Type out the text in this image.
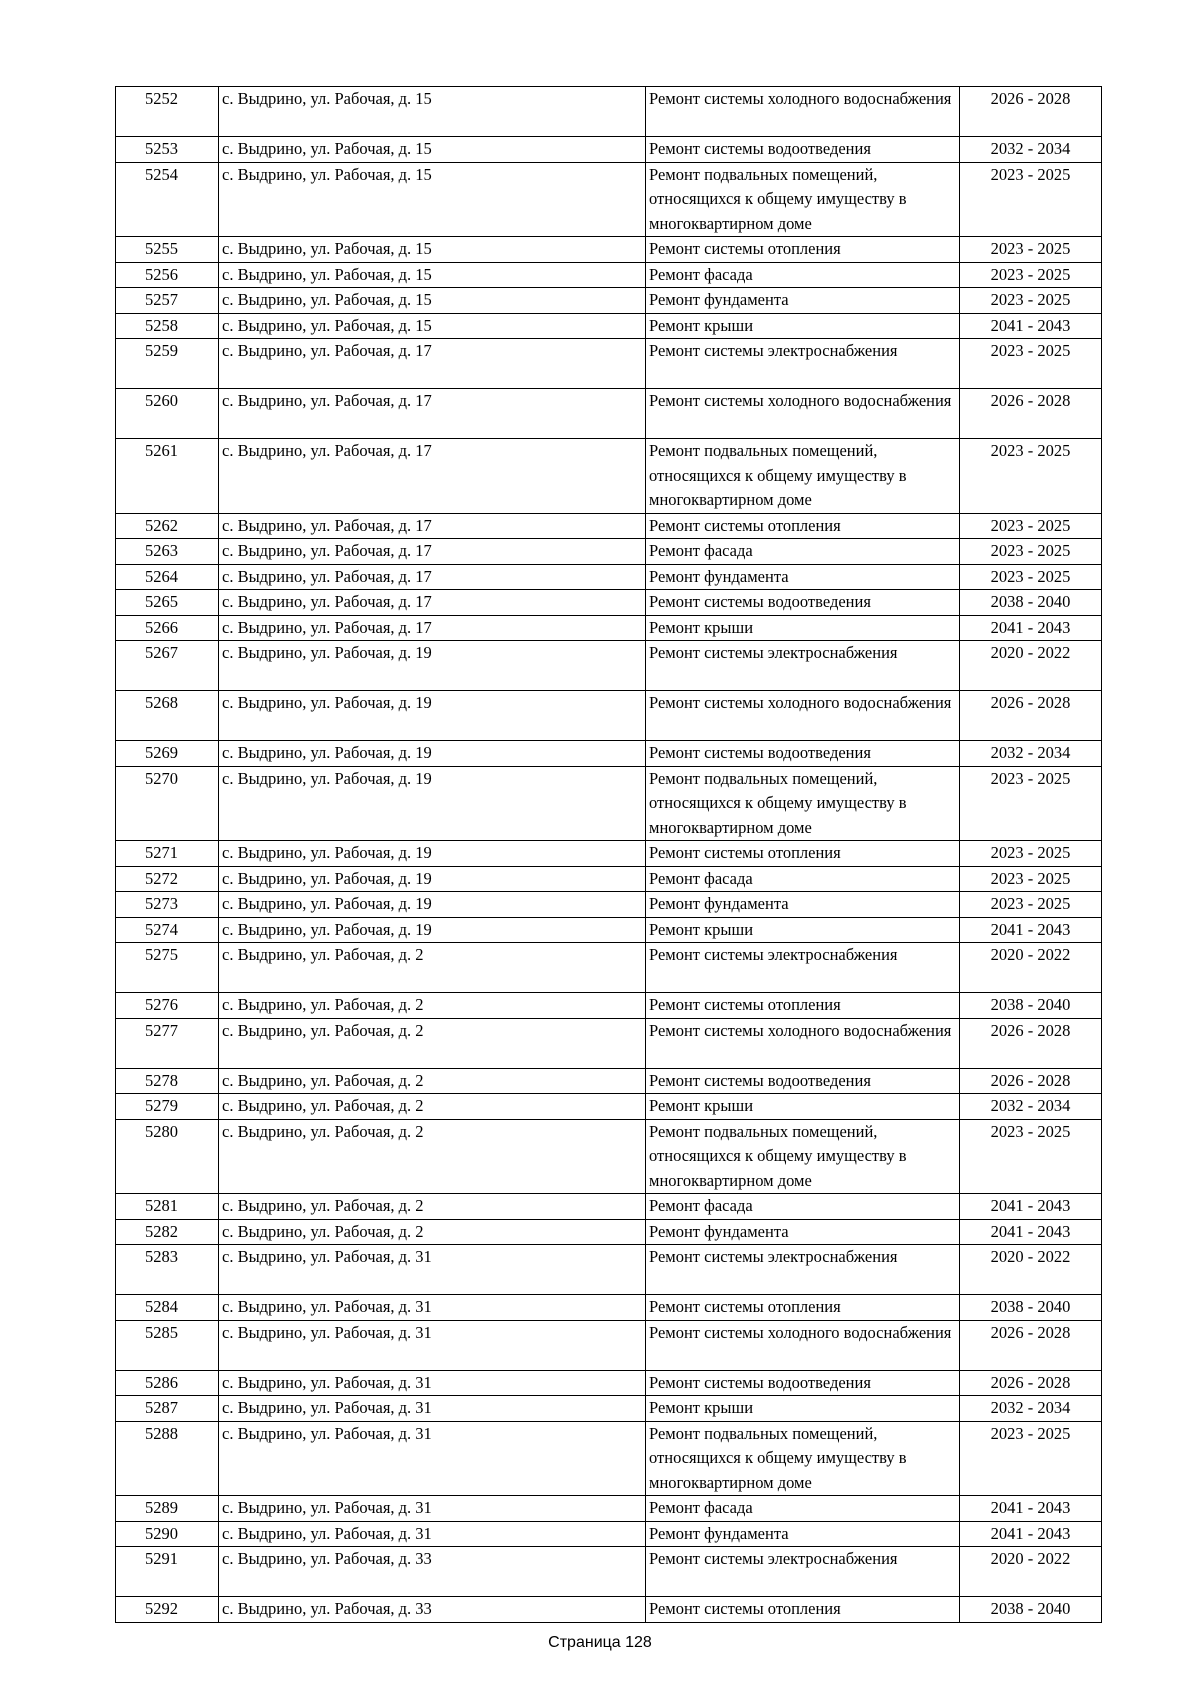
5252	с. Выдрино, ул. Рабочая, д. 15	Ремонт системы холодного водоснабжения	2026 - 2028
5253	с. Выдрино, ул. Рабочая, д. 15	Ремонт системы водоотведения	2032 - 2034
5254	с. Выдрино, ул. Рабочая, д. 15	Ремонт подвальных помещений, относящихся к общему имуществу в многоквартирном доме	2023 - 2025
5255	с. Выдрино, ул. Рабочая, д. 15	Ремонт системы отопления	2023 - 2025
5256	с. Выдрино, ул. Рабочая, д. 15	Ремонт фасада	2023 - 2025
5257	с. Выдрино, ул. Рабочая, д. 15	Ремонт фундамента	2023 - 2025
5258	с. Выдрино, ул. Рабочая, д. 15	Ремонт крыши	2041 - 2043
5259	с. Выдрино, ул. Рабочая, д. 17	Ремонт системы электроснабжения	2023 - 2025
5260	с. Выдрино, ул. Рабочая, д. 17	Ремонт системы холодного водоснабжения	2026 - 2028
5261	с. Выдрино, ул. Рабочая, д. 17	Ремонт подвальных помещений, относящихся к общему имуществу в многоквартирном доме	2023 - 2025
5262	с. Выдрино, ул. Рабочая, д. 17	Ремонт системы отопления	2023 - 2025
5263	с. Выдрино, ул. Рабочая, д. 17	Ремонт фасада	2023 - 2025
5264	с. Выдрино, ул. Рабочая, д. 17	Ремонт фундамента	2023 - 2025
5265	с. Выдрино, ул. Рабочая, д. 17	Ремонт системы водоотведения	2038 - 2040
5266	с. Выдрино, ул. Рабочая, д. 17	Ремонт крыши	2041 - 2043
5267	с. Выдрино, ул. Рабочая, д. 19	Ремонт системы электроснабжения	2020 - 2022
5268	с. Выдрино, ул. Рабочая, д. 19	Ремонт системы холодного водоснабжения	2026 - 2028
5269	с. Выдрино, ул. Рабочая, д. 19	Ремонт системы водоотведения	2032 - 2034
5270	с. Выдрино, ул. Рабочая, д. 19	Ремонт подвальных помещений, относящихся к общему имуществу в многоквартирном доме	2023 - 2025
5271	с. Выдрино, ул. Рабочая, д. 19	Ремонт системы отопления	2023 - 2025
5272	с. Выдрино, ул. Рабочая, д. 19	Ремонт фасада	2023 - 2025
5273	с. Выдрино, ул. Рабочая, д. 19	Ремонт фундамента	2023 - 2025
5274	с. Выдрино, ул. Рабочая, д. 19	Ремонт крыши	2041 - 2043
5275	с. Выдрино, ул. Рабочая, д. 2	Ремонт системы электроснабжения	2020 - 2022
5276	с. Выдрино, ул. Рабочая, д. 2	Ремонт системы отопления	2038 - 2040
5277	с. Выдрино, ул. Рабочая, д. 2	Ремонт системы холодного водоснабжения	2026 - 2028
5278	с. Выдрино, ул. Рабочая, д. 2	Ремонт системы водоотведения	2026 - 2028
5279	с. Выдрино, ул. Рабочая, д. 2	Ремонт крыши	2032 - 2034
5280	с. Выдрино, ул. Рабочая, д. 2	Ремонт подвальных помещений, относящихся к общему имуществу в многоквартирном доме	2023 - 2025
5281	с. Выдрино, ул. Рабочая, д. 2	Ремонт фасада	2041 - 2043
5282	с. Выдрино, ул. Рабочая, д. 2	Ремонт фундамента	2041 - 2043
5283	с. Выдрино, ул. Рабочая, д. 31	Ремонт системы электроснабжения	2020 - 2022
5284	с. Выдрино, ул. Рабочая, д. 31	Ремонт системы отопления	2038 - 2040
5285	с. Выдрино, ул. Рабочая, д. 31	Ремонт системы холодного водоснабжения	2026 - 2028
5286	с. Выдрино, ул. Рабочая, д. 31	Ремонт системы водоотведения	2026 - 2028
5287	с. Выдрино, ул. Рабочая, д. 31	Ремонт крыши	2032 - 2034
5288	с. Выдрино, ул. Рабочая, д. 31	Ремонт подвальных помещений, относящихся к общему имуществу в многоквартирном доме	2023 - 2025
5289	с. Выдрино, ул. Рабочая, д. 31	Ремонт фасада	2041 - 2043
5290	с. Выдрино, ул. Рабочая, д. 31	Ремонт фундамента	2041 - 2043
5291	с. Выдрино, ул. Рабочая, д. 33	Ремонт системы электроснабжения	2020 - 2022
5292	с. Выдрино, ул. Рабочая, д. 33	Ремонт системы отопления	2038 - 2040
Страница 128
